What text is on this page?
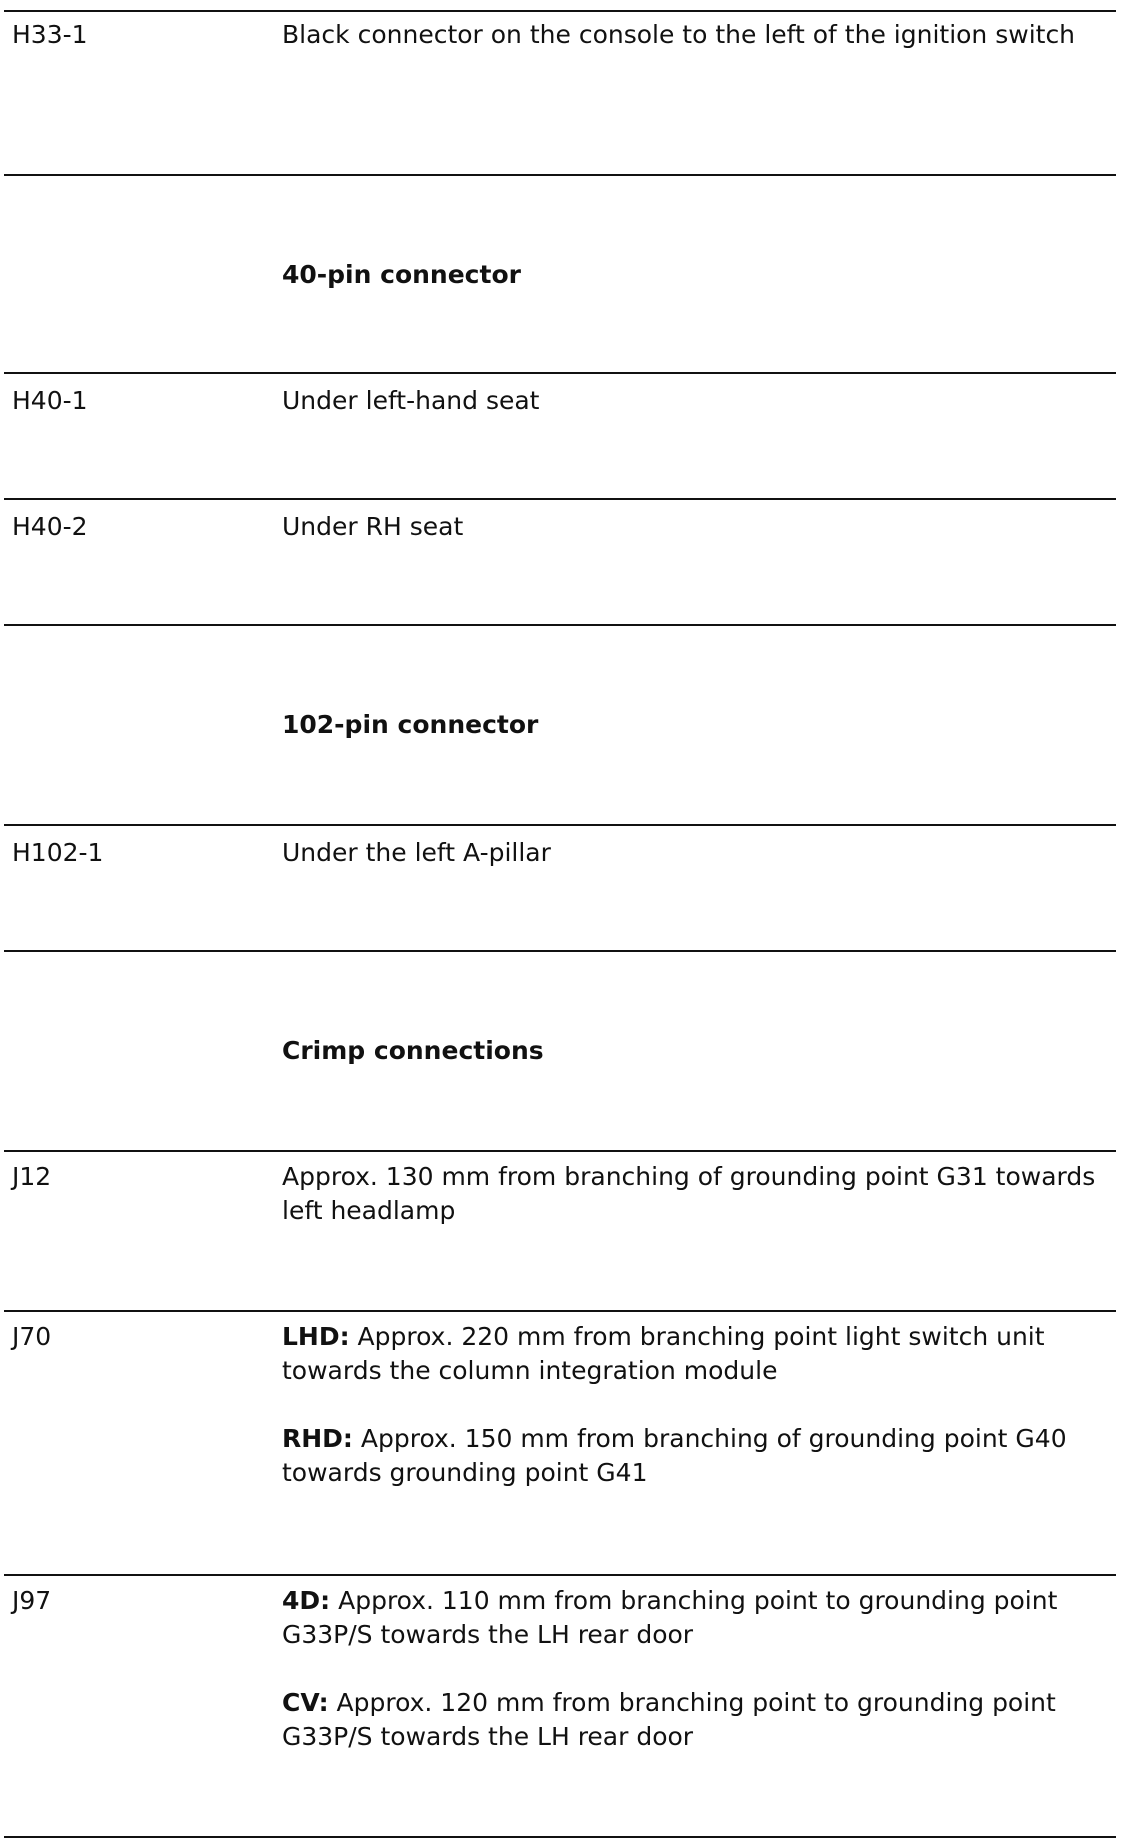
H33-1	Black connector on the console to the left of the ignition switch

40-pin connector
H40-1	Under left-hand seat

H40-2	Under RH seat

102-pin connector
H102-1	Under the left A-pillar

Crimp connections
J12	Approx. 130 mm from branching of grounding point G31 towards left headlamp

J70	LHD: Approx. 220 mm from branching point light switch unit towards the column integration module

RHD: Approx. 150 mm from branching of grounding point G40 towards grounding point G41

J97	4D: Approx. 110 mm from branching point to grounding point G33P/S towards the LH rear door

CV: Approx. 120 mm from branching point to grounding point G33P/S towards the LH rear door
